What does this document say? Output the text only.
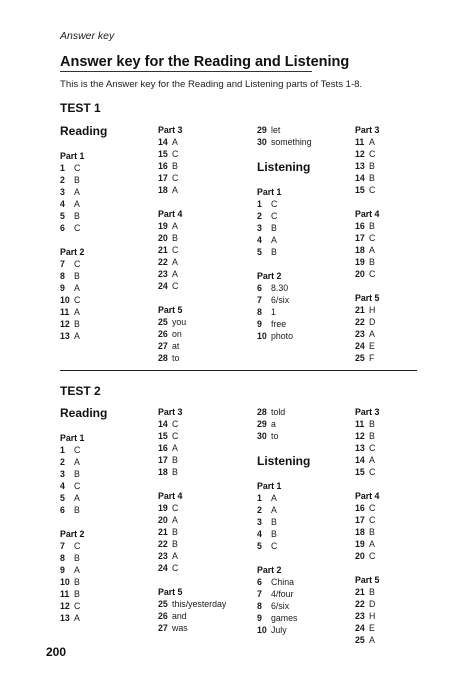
Answer key
Answer key for the Reading and Listening
This is the Answer key for the Reading and Listening parts of Tests 1-8.
TEST 1
Reading
Part 1
1 C
2 B
3 A
4 A
5 B
6 C
Part 2
7 C
8 B
9 A
10 C
11 A
12 B
13 A
Part 3
14 A
15 C
16 B
17 C
18 A
Part 4
19 A
20 B
21 C
22 A
23 A
24 C
Part 5
25 you
26 on
27 at
28 to
29 let
30 something
Listening
Part 1
1 C
2 C
3 B
4 A
5 B
Part 2
6 8.30
7 6/six
8 1
9 free
10 photo
Part 3
11 A
12 C
13 B
14 B
15 C
Part 4
16 B
17 C
18 A
19 B
20 C
Part 5
21 H
22 D
23 A
24 E
25 F
TEST 2
Reading
Part 1
1 C
2 A
3 B
4 C
5 A
6 B
Part 2
7 C
8 B
9 A
10 B
11 B
12 C
13 A
Part 3
14 C
15 C
16 A
17 B
18 B
Part 4
19 C
20 A
21 B
22 B
23 A
24 C
Part 5
25 this/yesterday
26 and
27 was
28 told
29 a
30 to
Listening
Part 1
1 A
2 A
3 B
4 B
5 C
Part 2
6 China
7 4/four
8 6/six
9 games
10 July
Part 3
11 B
12 B
13 C
14 A
15 C
Part 4
16 C
17 C
18 B
19 A
20 C
Part 5
21 B
22 D
23 H
24 E
25 A
200
